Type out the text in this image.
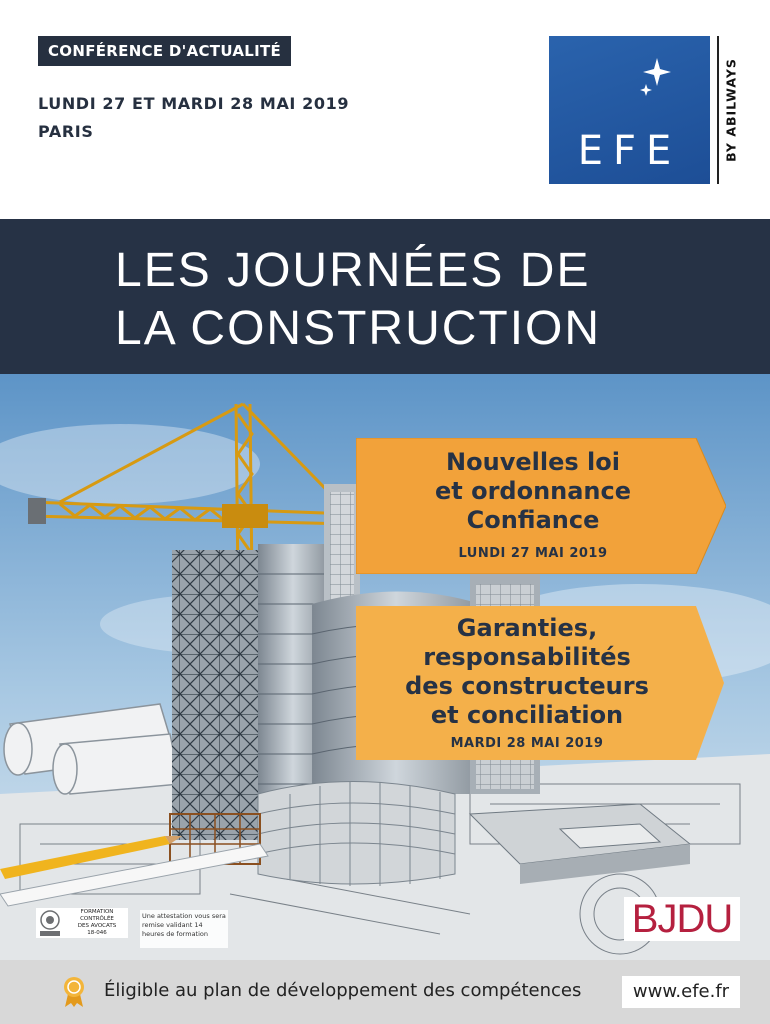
CONFÉRENCE D'ACTUALITÉ
LUNDI 27 ET MARDI 28 MAI 2019
PARIS	EFE	BY ABILWAYS
LES JOURNÉES DE
LA CONSTRUCTION
Nouvelles loi
et ordonnance
Confiance
LUNDI 27 MAI 2019
Garanties,
responsabilités
des constructeurs
et conciliation
MARDI 28 MAI 2019
FORMATION
CONTRÔLÉE
DES AVOCATS
18-046
Une attestation vous sera remise validant 14 heures de formation	BJDU
Éligible au plan de développement des compétences	www.efe.fr
